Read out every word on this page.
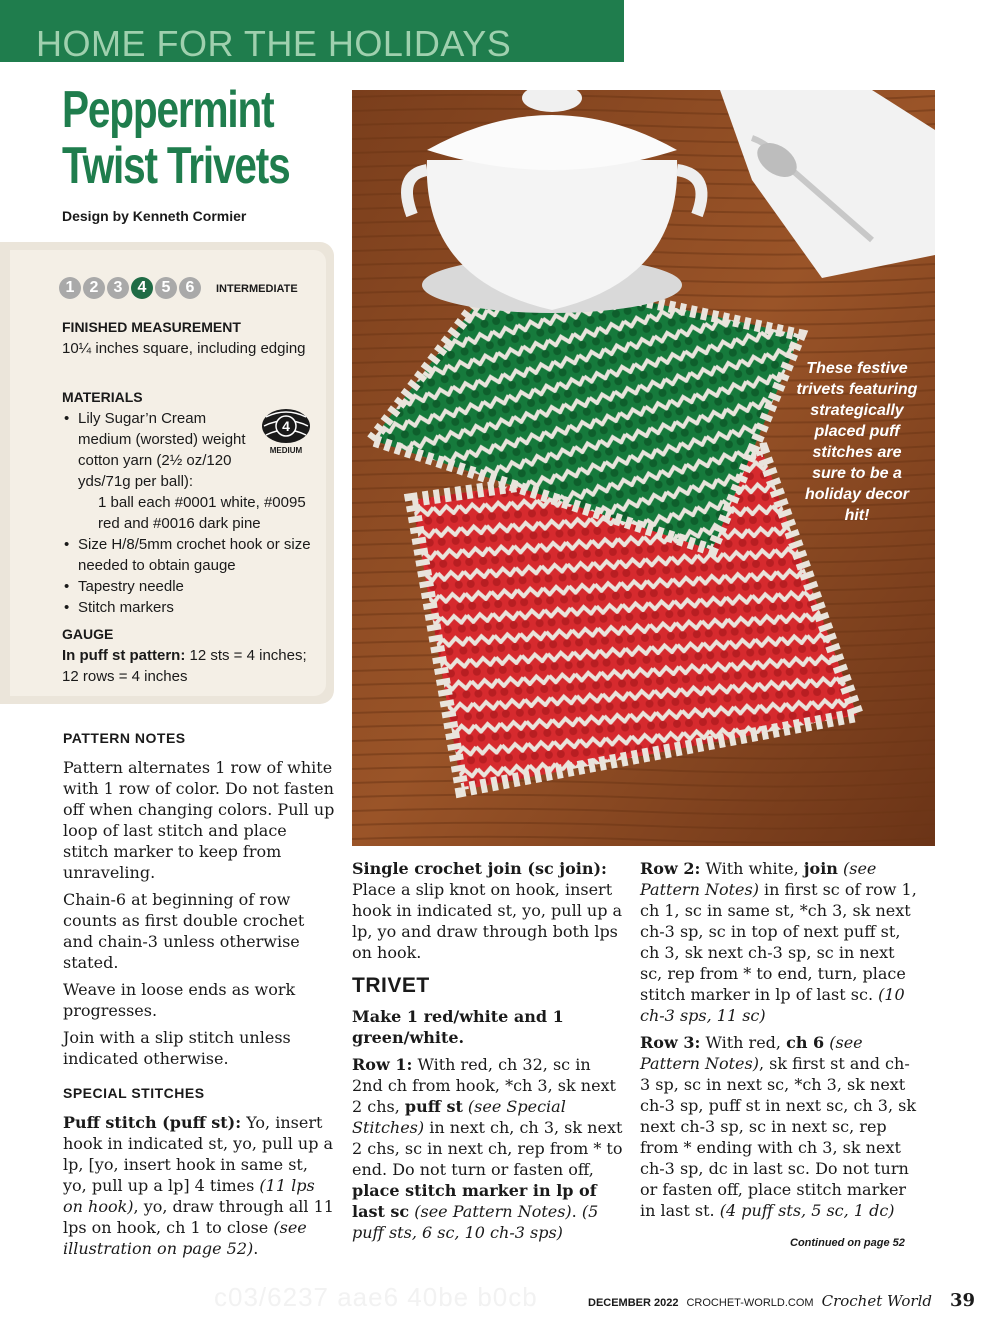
HOME FOR THE HOLIDAYS
Peppermint
Twist Trivets
Design by Kenneth Cormier
1 2 3 4 5 6	INTERMEDIATE
FINISHED MEASUREMENT
10¼ inches square, including edging
MATERIALS
• Lily Sugar’n Cream medium (worsted) weight cotton yarn (2½ oz/120 yds/71g per ball):
1 ball each #0001 white, #0095 red and #0016 dark pine
• Size H/8/5mm crochet hook or size needed to obtain gauge
• Tapestry needle
• Stitch markers
4
MEDIUM
GAUGE
In puff st pattern: 12 sts = 4 inches; 12 rows = 4 inches
These festive trivets featuring strategically placed puff stitches are sure to be a holiday decor hit!
PATTERN NOTES

Pattern alternates 1 row of white with 1 row of color. Do not fasten off when changing colors. Pull up loop of last stitch and place stitch marker to keep from unraveling.

Chain-6 at beginning of row counts as first double crochet and chain-3 unless otherwise stated.

Weave in loose ends as work progresses.

Join with a slip stitch unless indicated otherwise.

SPECIAL STITCHES

Puff stitch (puff st): Yo, insert hook in indicated st, yo, pull up a lp, [yo, insert hook in same st, yo, pull up a lp] 4 times (11 lps on hook), yo, draw through all 11 lps on hook, ch 1 to close (see illustration on page 52).

Single crochet join (sc join): Place a slip knot on hook, insert hook in indicated st, yo, pull up a lp, yo and draw through both lps on hook.

TRIVET

Make 1 red/white and 1 green/white.

Row 1: With red, ch 32, sc in 2nd ch from hook, *ch 3, sk next 2 chs, puff st (see Special Stitches) in next ch, ch 3, sk next 2 chs, sc in next ch, rep from * to end. Do not turn or fasten off, place stitch marker in lp of last sc (see Pattern Notes). (5 puff sts, 6 sc, 10 ch-3 sps)

Row 2: With white, join (see Pattern Notes) in first sc of row 1, ch 1, sc in same st, *ch 3, sk next ch-3 sp, sc in top of next puff st, ch 3, sk next ch-3 sp, sc in next sc, rep from * to end, turn, place stitch marker in lp of last sc. (10 ch-3 sps, 11 sc)

Row 3: With red, ch 6 (see Pattern Notes), sk first st and ch-3 sp, sc in next sc, *ch 3, sk next ch-3 sp, puff st in next sc, ch 3, sk next ch-3 sp, sc in next sc, rep from * ending with ch 3, sk next ch-3 sp, dc in last sc. Do not turn or fasten off, place stitch marker in last st. (4 puff sts, 5 sc, 1 dc)

Continued on page 52
c03/6237 aae6 40be b0cb	DECEMBER 2022 CROCHET-WORLD.COM Crochet World 39
